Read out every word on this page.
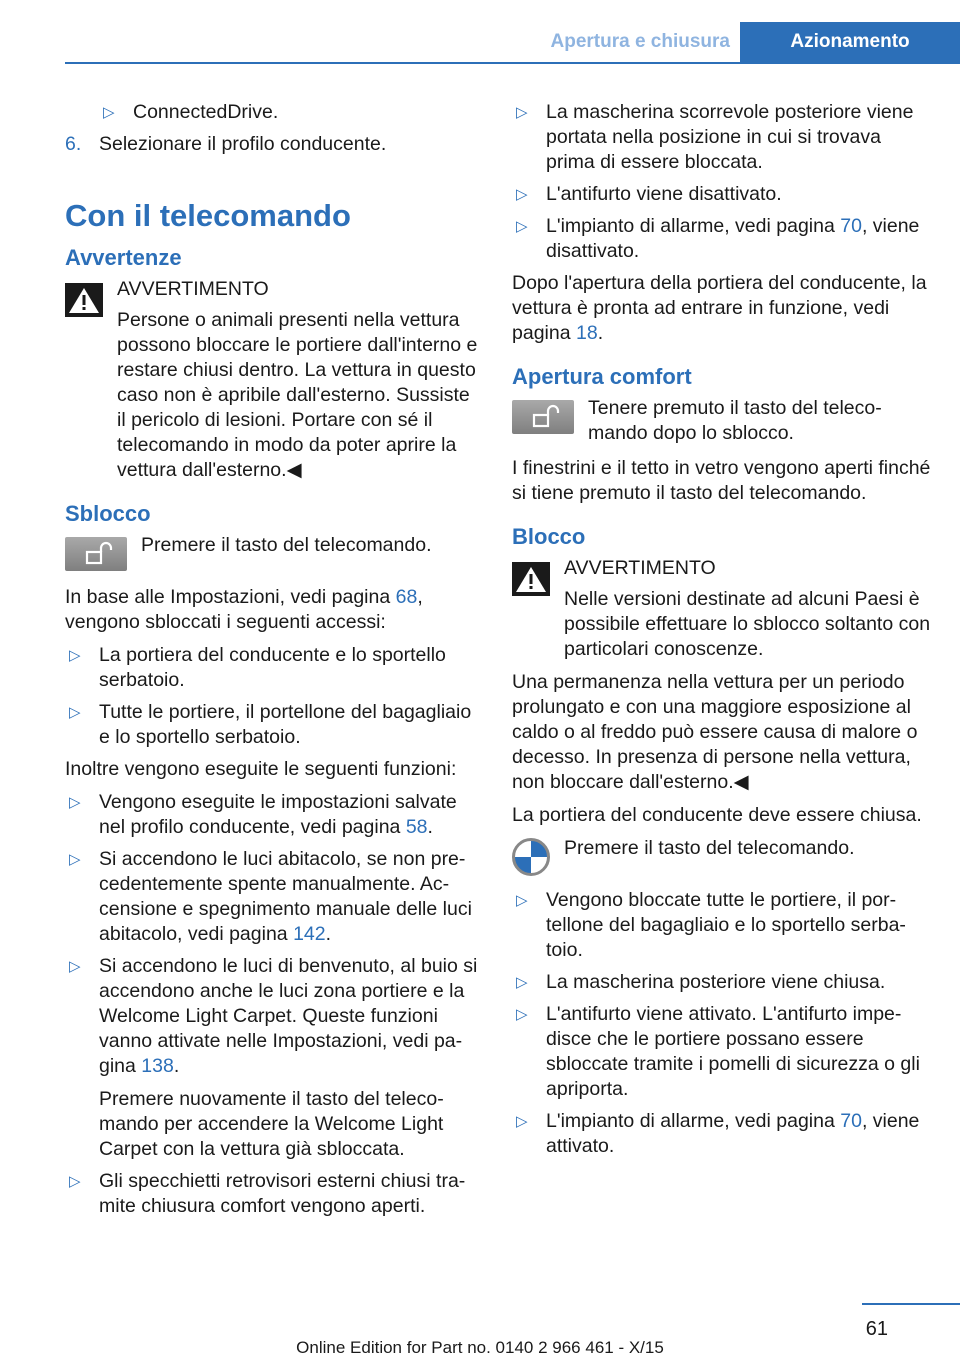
Apertura e chiusura	Azionamento
▷ ConnectedDrive.
6. Selezionare il profilo conducente.
Con il telecomando
Avvertenze
AVVERTIMENTO
Persone o animali presenti nella vettura possono bloccare le portiere dall'interno e restare chiusi dentro. La vettura in questo caso non è apribile dall'esterno. Sussiste il pericolo di lesioni. Portare con sé il telecomando in modo da poter aprire la vettura dall'esterno.◀
Sblocco
Premere il tasto del telecomando.

In base alle Impostazioni, vedi pagina 68, vengono sbloccati i seguenti accessi:

▷ La portiera del conducente e lo sportello serbatoio.
▷ Tutte le portiere, il portellone del bagagliaio e lo sportello serbatoio.

Inoltre vengono eseguite le seguenti funzioni:

▷ Vengono eseguite le impostazioni salvate nel profilo conducente, vedi pagina 58.
▷ Si accendono le luci abitacolo, se non precedentemente spente manualmente. Accensione e spegnimento manuale delle luci abitacolo, vedi pagina 142.
▷ Si accendono le luci di benvenuto, al buio si accendono anche le luci zona portiere e la Welcome Light Carpet. Queste funzioni vanno attivate nelle Impostazioni, vedi pagina 138.
Premere nuovamente il tasto del telecomando per accendere la Welcome Light Carpet con la vettura già sbloccata.
▷ Gli specchietti retrovisori esterni chiusi tramite chiusura comfort vengono aperti.
▷ La mascherina scorrevole posteriore viene portata nella posizione in cui si trovava prima di essere bloccata.
▷ L'antifurto viene disattivato.
▷ L'impianto di allarme, vedi pagina 70, viene disattivato.

Dopo l'apertura della portiera del conducente, la vettura è pronta ad entrare in funzione, vedi pagina 18.

Apertura comfort
Tenere premuto il tasto del telecomando dopo lo sblocco.

I finestrini e il tetto in vetro vengono aperti finché si tiene premuto il tasto del telecomando.

Blocco
AVVERTIMENTO
Nelle versioni destinate ad alcuni Paesi è possibile effettuare lo sblocco soltanto con particolari conoscenze.

Una permanenza nella vettura per un periodo prolungato e con una maggiore esposizione al caldo o al freddo può essere causa di malore o decesso. In presenza di persone nella vettura, non bloccare dall'esterno.◀

La portiera del conducente deve essere chiusa.

Premere il tasto del telecomando.
▷ Vengono bloccate tutte le portiere, il portellone del bagagliaio e lo sportello serbatoio.
▷ La mascherina posteriore viene chiusa.
▷ L'antifurto viene attivato. L'antifurto impedisce che le portiere possano essere sbloccate tramite i pomelli di sicurezza o gli apriporta.
▷ L'impianto di allarme, vedi pagina 70, viene attivato.
61
Online Edition for Part no. 0140 2 966 461 - X/15
